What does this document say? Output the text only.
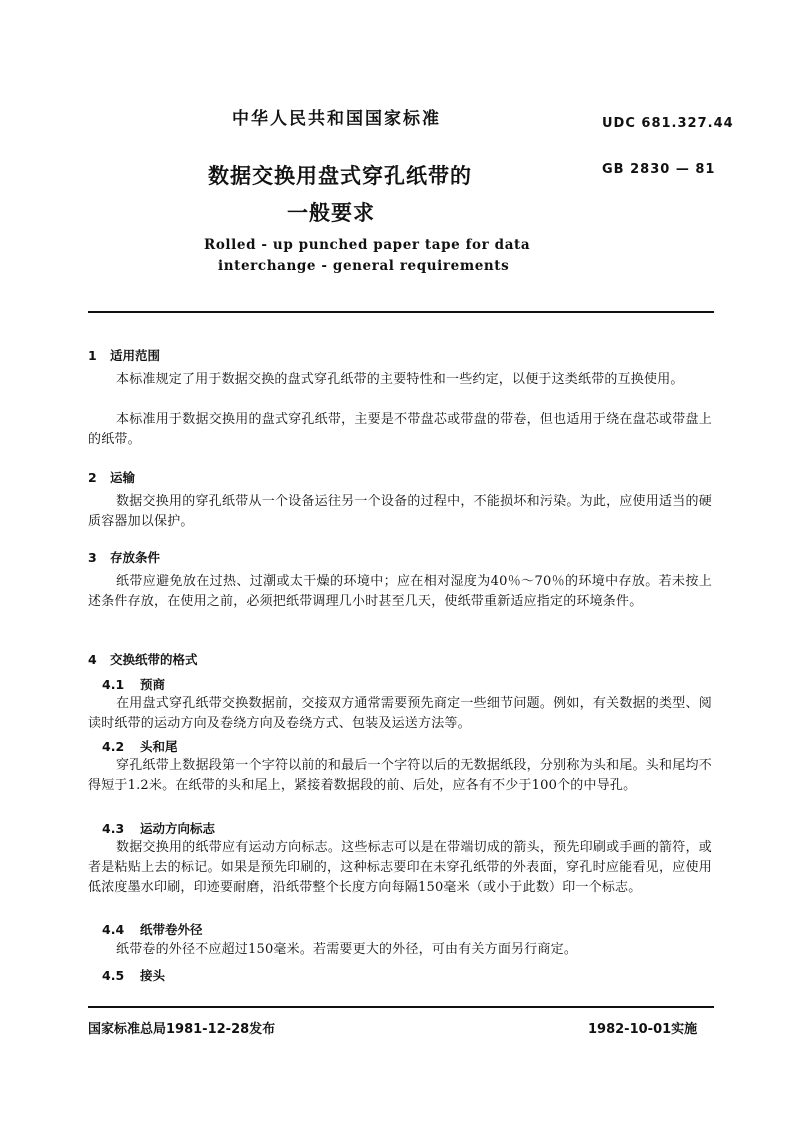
中华人民共和国国家标准	UDC 681.327.44
数据交换用盘式穿孔纸带的	GB 2830 — 81
一般要求
Rolled - up punched paper tape for data
interchange - general requirements
1 适用范围
本标准规定了用于数据交换的盘式穿孔纸带的主要特性和一些约定，以便于这类纸带的互换使用。
本标准用于数据交换用的盘式穿孔纸带，主要是不带盘芯或带盘的带卷，但也适用于绕在盘芯或带盘上的纸带。
2 运输
数据交换用的穿孔纸带从一个设备运往另一个设备的过程中，不能损坏和污染。为此，应使用适当的硬质容器加以保护。
3 存放条件
纸带应避免放在过热、过潮或太干燥的环境中；应在相对湿度为40％～70％的环境中存放。若未按上述条件存放，在使用之前，必须把纸带调理几小时甚至几天，使纸带重新适应指定的环境条件。
4 交换纸带的格式
4.1 预商
在用盘式穿孔纸带交换数据前，交接双方通常需要预先商定一些细节问题。例如，有关数据的类型、阅读时纸带的运动方向及卷绕方向及卷绕方式、包装及运送方法等。
4.2 头和尾
穿孔纸带上数据段第一个字符以前的和最后一个字符以后的无数据纸段，分别称为头和尾。头和尾均不得短于1.2米。在纸带的头和尾上，紧接着数据段的前、后处，应各有不少于100个的中导孔。
4.3 运动方向标志
数据交换用的纸带应有运动方向标志。这些标志可以是在带端切成的箭头，预先印刷或手画的箭符，或者是粘贴上去的标记。如果是预先印刷的，这种标志要印在未穿孔纸带的外表面，穿孔时应能看见，应使用低浓度墨水印刷，印迹要耐磨，沿纸带整个长度方向每隔150毫米（或小于此数）印一个标志。
4.4 纸带卷外径
纸带卷的外径不应超过150毫米。若需要更大的外径，可由有关方面另行商定。
4.5 接头
国家标准总局1981-12-28发布	1982-10-01实施
